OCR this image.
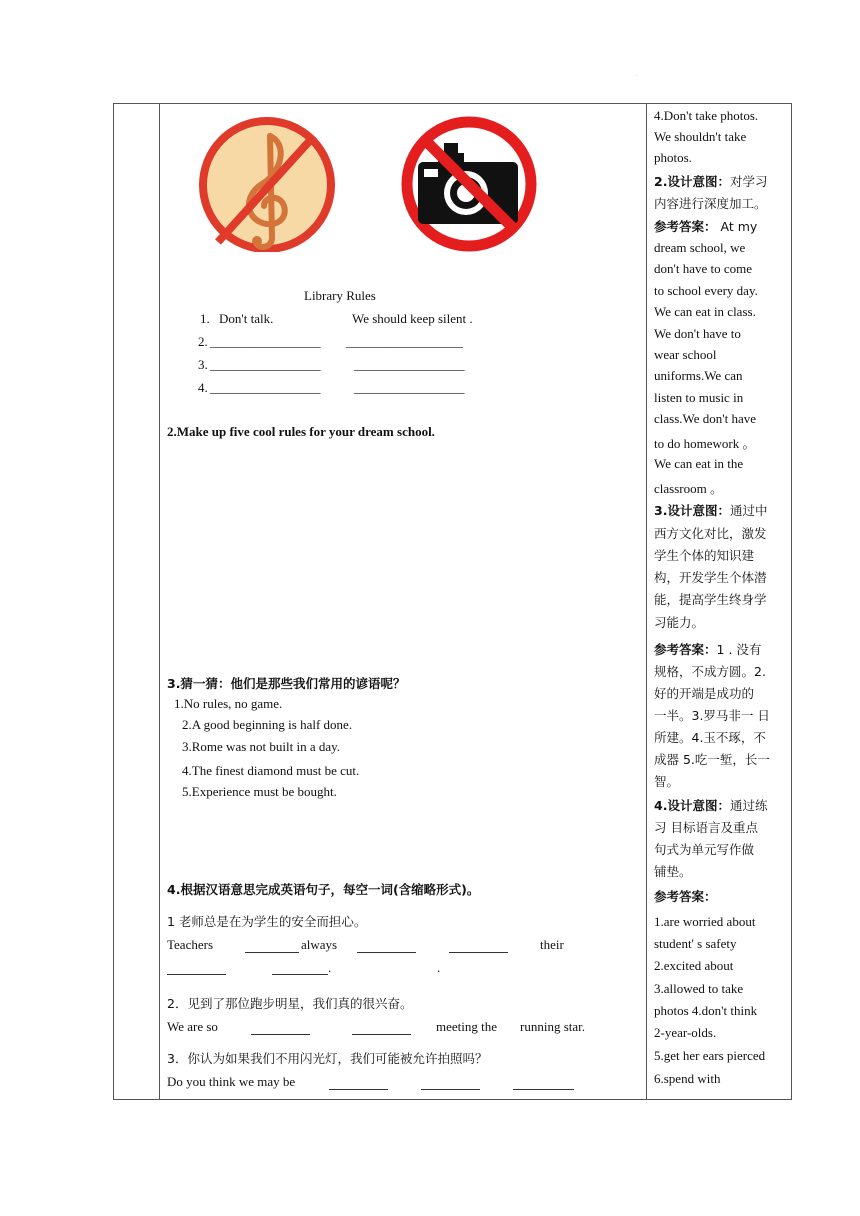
.
Library Rules
1. Don't talk.	We should keep silent .
2. _________________ __________________
3. _________________	_________________
4. _________________	_________________
2.Make up five cool rules for your dream school.
3.猜一猜：他们是那些我们常用的谚语呢？
1.No rules, no game.
2.A good beginning is half done.
3.Rome was not built in a day.
4.The finest diamond must be cut.
5.Experience must be bought.
4.根据汉语意思完成英语句子，每空一词(含缩略形式)。
1 老师总是在为学生的安全而担心。
Teachers	always	their
.	.
2．见到了那位跑步明星，我们真的很兴奋。
We are so	meeting the running star.
3．你认为如果我们不用闪光灯，我们可能被允许拍照吗？
Do you think we may be
4.Don't take photos.
We shouldn't take
photos.
2.设计意图：对学习
内容进行深度加工。
参考答案： At my
dream school, we
don't have to come
to school every day.
We can eat in class.
We don't have to
wear school
uniforms.We can
listen to music in
class.We don't have
to do homework 。
We can eat in the
classroom 。
3.设计意图：通过中
西方文化对比，激发
学生个体的知识建
构，开发学生个体潜
能，提高学生终身学
习能力。
参考答案：1 . 没有
规格，不成方圆。2.
好的开端是成功的
一半。3.罗马非一 日
所建。4.玉不琢，不
成器 5.吃一堑，长一
智。
4.设计意图：通过练
习 目标语言及重点
句式为单元写作做
铺垫。
参考答案：
1.are worried about
student' s safety
2.excited about
3.allowed to take
photos 4.don't think
2-year-olds.
5.get her ears pierced
6.spend with
